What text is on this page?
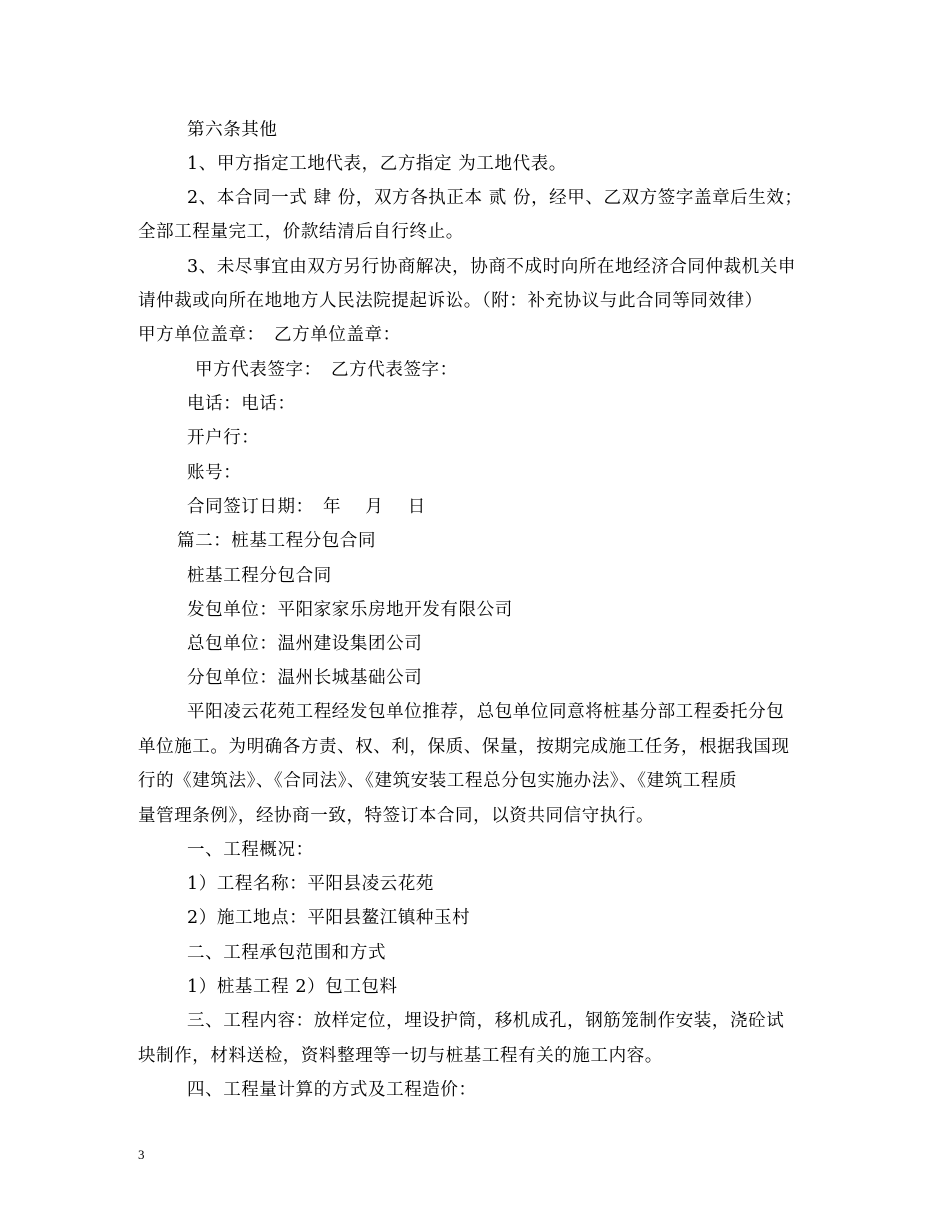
第六条其他
1、甲方指定工地代表，乙方指定 为工地代表。
2、本合同一式 肆 份，双方各执正本 贰 份，经甲、乙双方签字盖章后生效；
全部工程量完工，价款结清后自行终止。
3、未尽事宜由双方另行协商解决，协商不成时向所在地经济合同仲裁机关申
请仲裁或向所在地地方人民法院提起诉讼。（附：补充协议与此合同等同效律）
甲方单位盖章：　乙方单位盖章：
甲方代表签字：　乙方代表签字：
电话：电话：
开户行：
账号：
合同签订日期：　年　 月　 日
篇二：桩基工程分包合同
桩基工程分包合同
发包单位：平阳家家乐房地开发有限公司
总包单位：温州建设集团公司
分包单位：温州长城基础公司
平阳凌云花苑工程经发包单位推荐，总包单位同意将桩基分部工程委托分包
单位施工。为明确各方责、权、利，保质、保量，按期完成施工任务，根据我国现
行的《建筑法》、《合同法》、《建筑安装工程总分包实施办法》、《建筑工程质
量管理条例》，经协商一致，特签订本合同，以资共同信守执行。
一、工程概况：
1）工程名称：平阳县凌云花苑
2）施工地点：平阳县鳌江镇种玉村
二、工程承包范围和方式
1）桩基工程 2）包工包料
三、工程内容：放样定位，埋设护筒，移机成孔，钢筋笼制作安装，浇砼试
块制作，材料送检，资料整理等一切与桩基工程有关的施工内容。
四、工程量计算的方式及工程造价：
3
